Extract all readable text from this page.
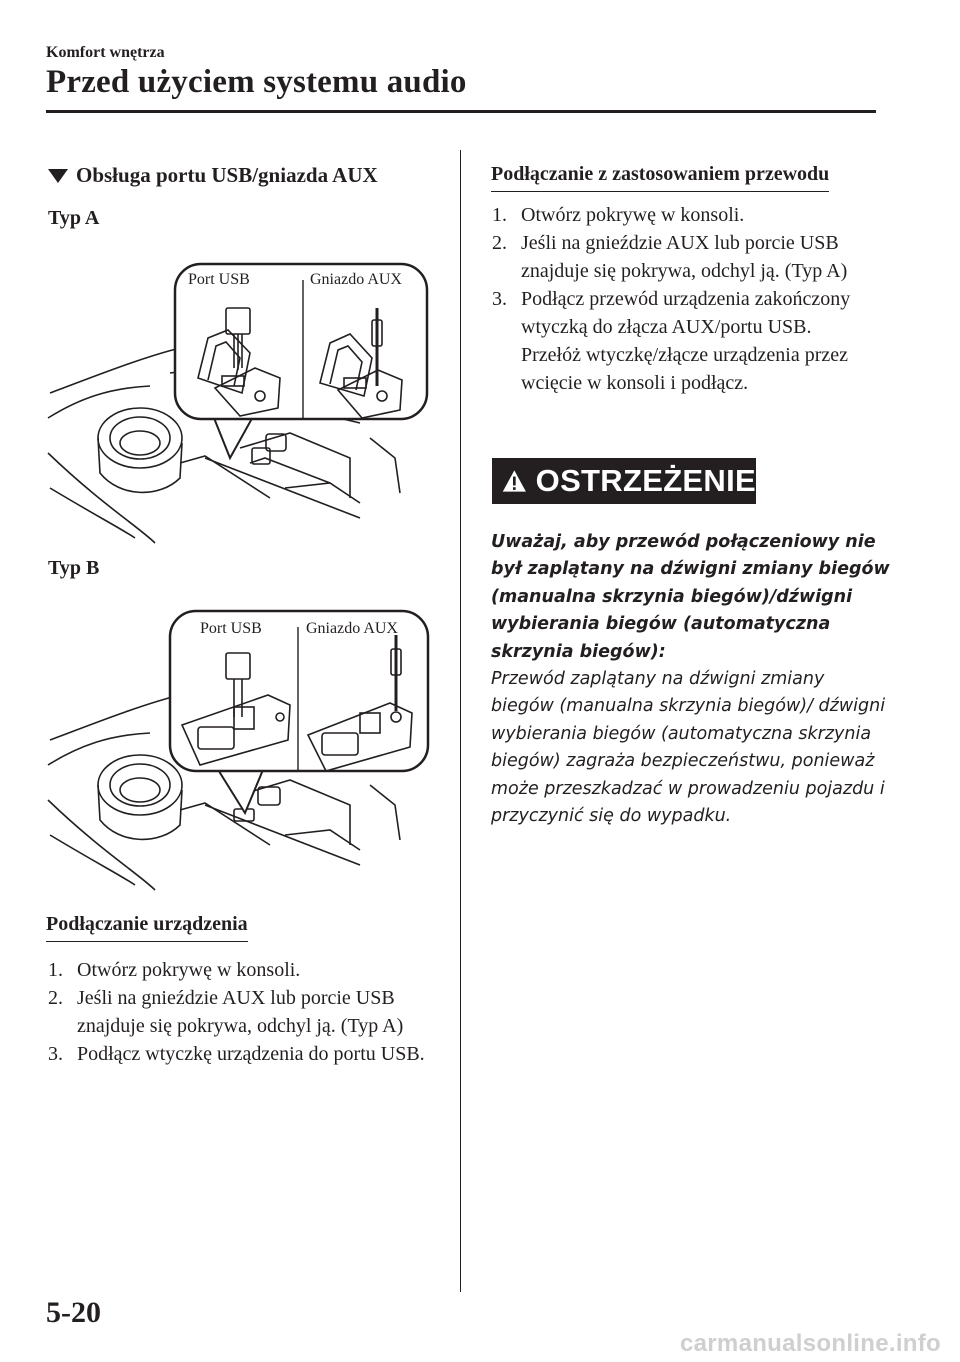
Komfort wnętrza
Przed użyciem systemu audio
Obsługa portu USB/gniazda AUX
Typ A
Port USB	Gniazdo AUX
Typ B
Port USB	Gniazdo AUX
Podłączanie urządzenia
1. Otwórz pokrywę w konsoli.
2. Jeśli na gnieździe AUX lub porcie USB znajduje się pokrywa, odchyl ją. (Typ A)
3. Podłącz wtyczkę urządzenia do portu USB.
Podłączanie z zastosowaniem przewodu
1. Otwórz pokrywę w konsoli.
2. Jeśli na gnieździe AUX lub porcie USB znajduje się pokrywa, odchyl ją. (Typ A)
3. Podłącz przewód urządzenia zakończony wtyczką do złącza AUX/portu USB. Przełóż wtyczkę/złącze urządzenia przez wcięcie w konsoli i podłącz.
OSTRZEŻENIE

Uważaj, aby przewód połączeniowy nie był zaplątany na dźwigni zmiany biegów (manualna skrzynia biegów)/dźwigni wybierania biegów (automatyczna skrzynia biegów):

Przewód zaplątany na dźwigni zmiany biegów (manualna skrzynia biegów)/ dźwigni wybierania biegów (automatyczna skrzynia biegów) zagraża bezpieczeństwu, ponieważ może przeszkadzać w prowadzeniu pojazdu i przyczynić się do wypadku.

5-20
carmanualsonline.info
